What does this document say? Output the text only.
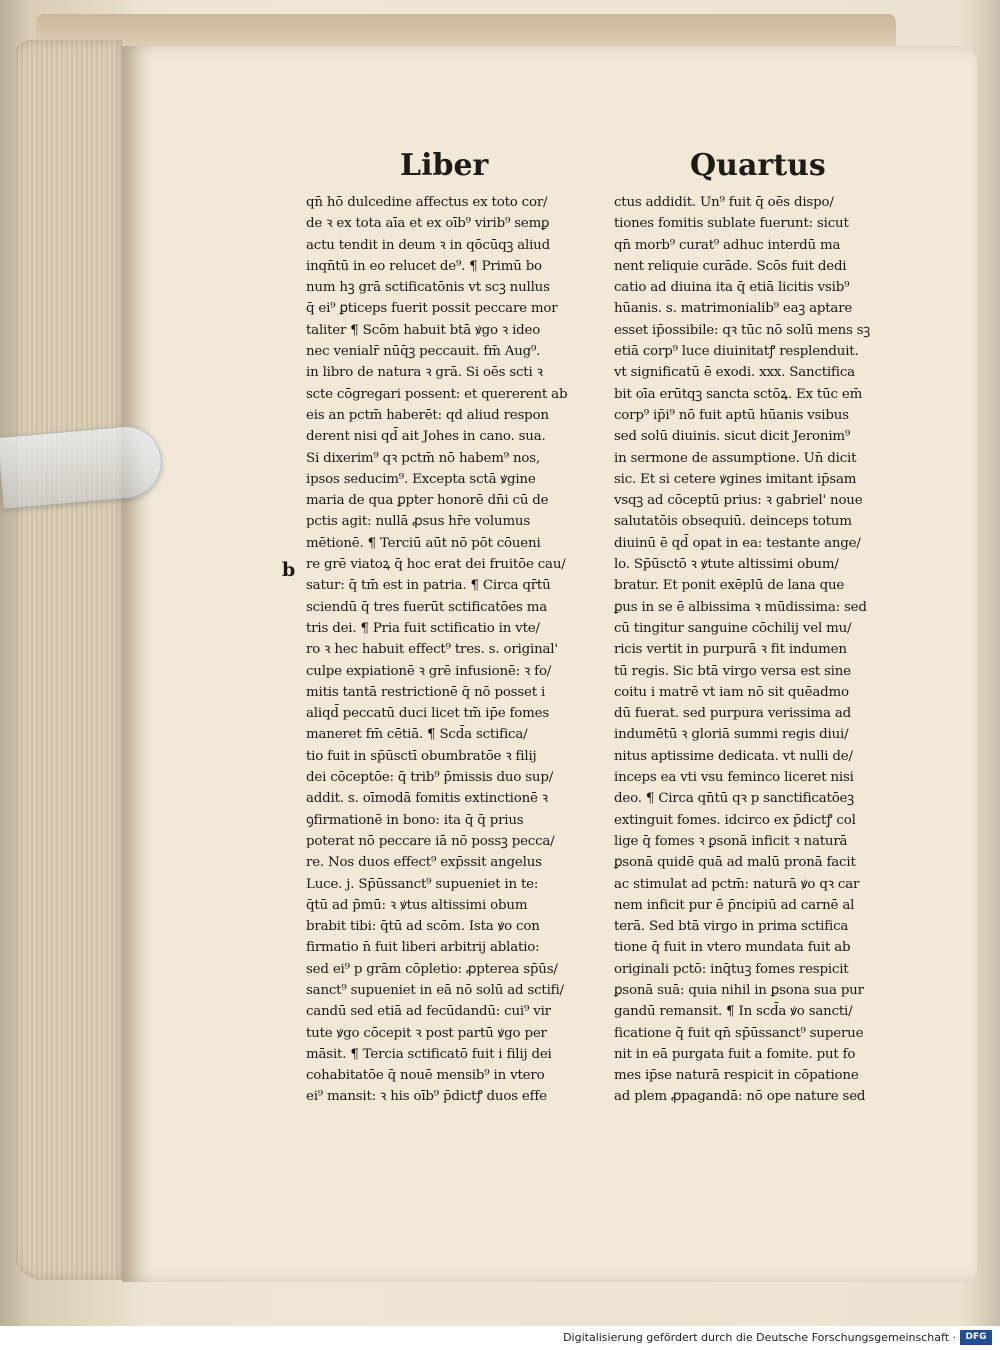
Liber	Quartus
b
qn̄ hō dulcedine affectus ex toto cor/
de ꝛ ex tota aīa et ex oīb⁹ virib⁹ semꝑ
actu tendit in deum ꝛ in qōcūqꝫ aliud
inqn̄tū in eo relucet de⁹. ¶ Primū bo
num hꝫ grā sctificatōnis vt scꝫ nullus
q̄ ei⁹ ꝑticeps fuerit possit peccare mor
taliter ¶ Scōm habuit btā ꝟgo ꝛ ideo
nec venialr̄ nūq̄ꝫ peccauit. fm̄ Aug⁹.
in libro de natura ꝛ grā. Si oēs scti ꝛ
scte cōgregari possent: et quererent ab
eis an pctm̄ haberēt: qd aliud respon
derent nisi qd̄ ait Johes in cano. sua.
Si dixerim⁹ qꝛ pctm̄ nō habem⁹ nos,
ipsos seducim⁹. Excepta sctā ꝟgine
maria de qua ꝑpter honorē dn̄i cū de
pctis agit: nullā ꝓsus hr̄e volumus
mētionē. ¶ Terciū aūt nō pōt cōueni
re grē viatoꝝ q̄ hoc erat dei fruitōe cau/
satur: q̄ tm̄ est in patria. ¶ Circa qr̄tū
sciendū q̄ tres fuerūt sctificatōes ma
tris dei. ¶ Pria fuit sctificatio in vte/
ro ꝛ hec habuit effect⁹ tres. s. original'
culpe expiationē ꝛ grē infusionē: ꝛ fo/
mitis tantā restrictionē q̄ nō posset i
aliqd̄ peccatū duci licet tm̄ ip̄e fomes
maneret fm̄ cētiā. ¶ Scd̄a sctifica/
tio fuit in sp̄ūsctī obumbratōe ꝛ filij
dei cōceptōe: q̄ trib⁹ p̄missis duo sup/
addit. s. oīmodā fomitis extinctionē ꝛ
ꝯfirmationē in bono: ita q̄ q̄ prius
poterat nō peccare iā nō possꝫ pecca/
re. Nos duos effect⁹ exp̄ssit angelus
Luce. j. Sp̄ūssanct⁹ supueniet in te:
q̄tū ad p̄mū: ꝛ ꝟtus altissimi obum
brabit tibi: q̄tū ad scōm. Ista ꝟo con
firmatio n̄ fuit liberi arbitrij ablatio:
sed ei⁹ p grām cōpletio: ꝓpterea sp̄ūs/
sanct⁹ supueniet in eā nō solū ad sctifi/
candū sed etiā ad fecūdandū: cui⁹ vir
tute ꝟgo cōcepit ꝛ post partū ꝟgo per
māsit. ¶ Tercia sctificatō fuit i filij dei
cohabitatōe q̄ nouē mensib⁹ in vtero
ei⁹ mansit: ꝛ his oīb⁹ p̄dictꝭ duos effe
ctus addidit. Un⁹ fuit q̄ oēs dispo/
tiones fomitis sublate fuerunt: sicut
qn̄ morb⁹ curat⁹ adhuc interdū ma
nent reliquie curāde. Scōs fuit dedi
catio ad diuina ita q̄ etiā licitis vsib⁹
hūanis. s. matrimonialib⁹ eaꝫ aptare
esset ip̄ossibile: qꝛ tūc nō solū mens sꝫ
etiā corp⁹ luce diuinitatꝭ resplenduit.
vt significatū ē exodi. xxx. Sanctifica
bit oīa erūtqꝫ sancta sctōꝝ. Ex tūc em̄
corp⁹ ip̄i⁹ nō fuit aptū hūanis vsibus
sed solū diuinis. sicut dicit Jeronim⁹
in sermone de assumptione. Un̄ dicit
sic. Et si cetere ꝟgines imitant ip̄sam
vsqꝫ ad cōceptū prius: ꝛ gabriel' noue
salutatōis obsequiū. deinceps totum
diuinū ē qd̄ opat in ea: testante ange/
lo. Sp̄ūsctō ꝛ ꝟtute altissimi obum/
bratur. Et ponit exēplū de lana que
ꝑus in se ē albissima ꝛ mūdissima: sed
cū tingitur sanguine cōchilij vel mu/
ricis vertit in purpurā ꝛ fit indumen
tū regis. Sic btā virgo versa est sine
coitu i matrē vt iam nō sit quēadmo
dū fuerat. sed purpura verissima ad
indumētū ꝛ gloriā summi regis diui/
nitus aptissime dedicata. vt nulli de/
inceps ea vti vsu feminco liceret nisi
deo. ¶ Circa qn̄tū qꝛ p sanctificatōeꝫ
extinguit fomes. idcirco ex p̄dictꝭ col
lige q̄ fomes ꝛ ꝑsonā inficit ꝛ naturā
ꝑsonā quidē quā ad malū pronā facit
ac stimulat ad pctm̄: naturā ꝟo qꝛ car
nem inficit pur ē p̄ncipiū ad carnē al
terā. Sed btā virgo in prima sctifica
tione q̄ fuit in vtero mundata fuit ab
originali pctō: inq̄tuꝫ fomes respicit
ꝑsonā suā: quia nihil in ꝑsona sua pur
gandū remansit. ¶ In scd̄a ꝟo sancti/
ficatione q̄ fuit qn̄ sp̄ūssanct⁹ superue
nit in eā purgata fuit a fomite. put fo
mes ip̄se naturā respicit in cōpatione
ad plem ꝓpagandā: nō ope nature sed
Digitalisierung gefördert durch die Deutsche Forschungsgemeinschaft ·	DFG
